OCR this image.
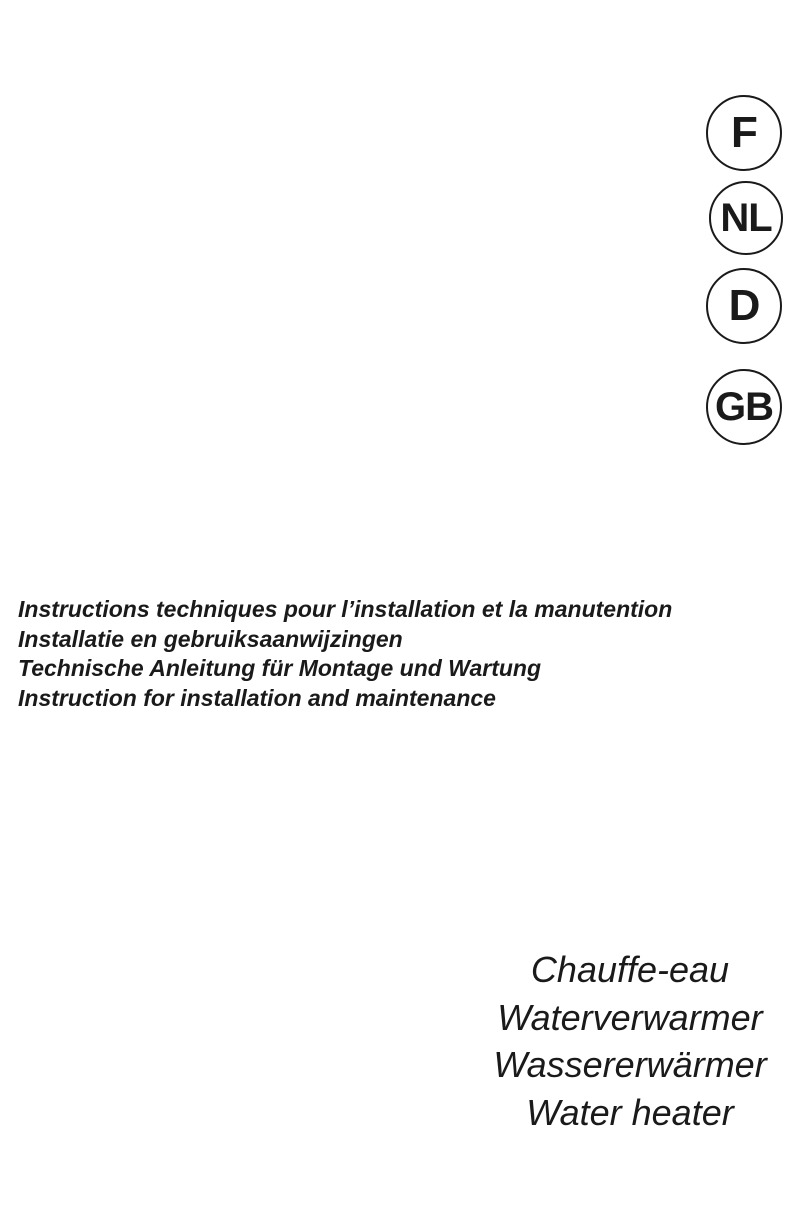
F
NL
D
GB
Instructions techniques pour l’installation et la manutention
Installatie en gebruiksaanwijzingen
Technische Anleitung für Montage und Wartung
Instruction for installation and maintenance
Chauffe-eau
Waterverwarmer
Wassererwärmer
Water heater
